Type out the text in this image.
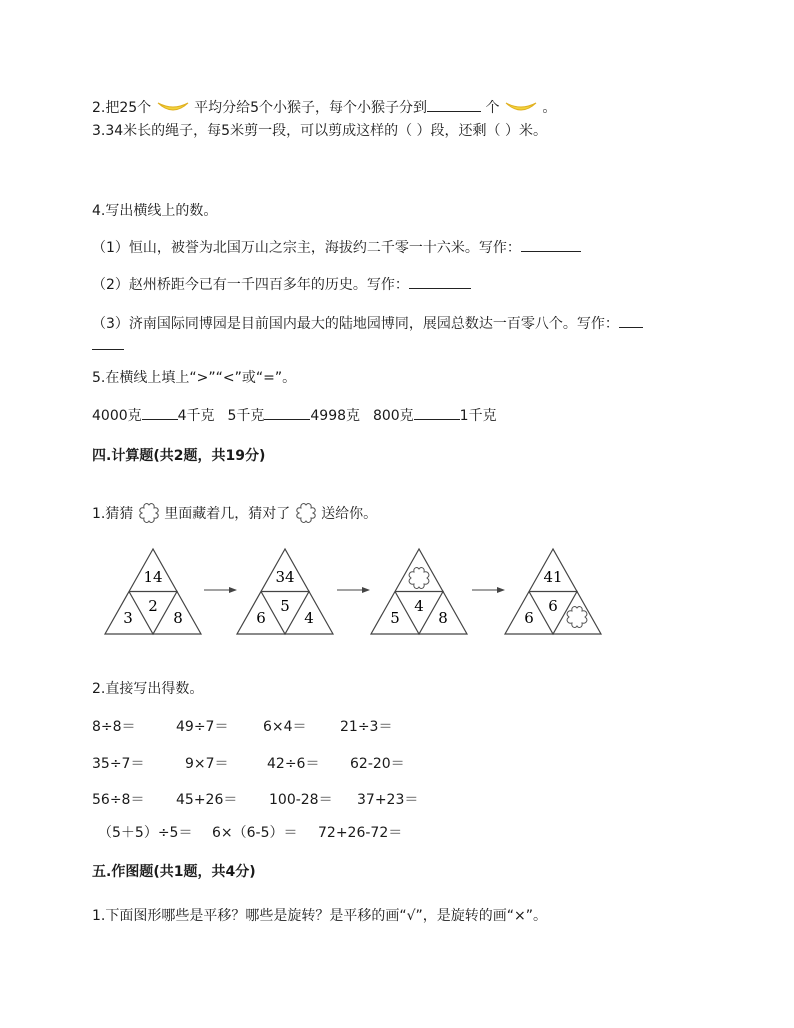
2.把25个	平均分给5个小猴子，每个小猴子分到	个	。
3.34米长的绳子，每5米剪一段，可以剪成这样的（ ）段，还剩（ ）米。
4.写出横线上的数。
（1）恒山，被誉为北国万山之宗主，海拔约二千零一十六米。写作：
（2）赵州桥距今已有一千四百多年的历史。写作：
（3）济南国际同博园是目前国内最大的陆地园博同，展园总数达一百零八个。写作：
5.在横线上填上“>”“<”或“=”。
4000克	4千克 5千克	4998克 800克	1千克
四.计算题(共2题，共19分)
1.猜猜 里面藏着几，猜对了 送给你。
14
3
2
8
34
6
5
4	5
4
8
41
6
6
2.直接写出得数。
8÷8＝	49÷7＝ 6×4＝ 21÷3＝
35÷7＝	9×7＝	42÷6＝ 62-20＝
56÷8＝ 45+26＝ 100-28＝ 37+23＝
（5＋5）÷5＝ 6×（6-5）＝ 72+26-72＝
五.作图题(共1题，共4分)
1.下面图形哪些是平移？哪些是旋转？是平移的画“√”，是旋转的画“×”。
